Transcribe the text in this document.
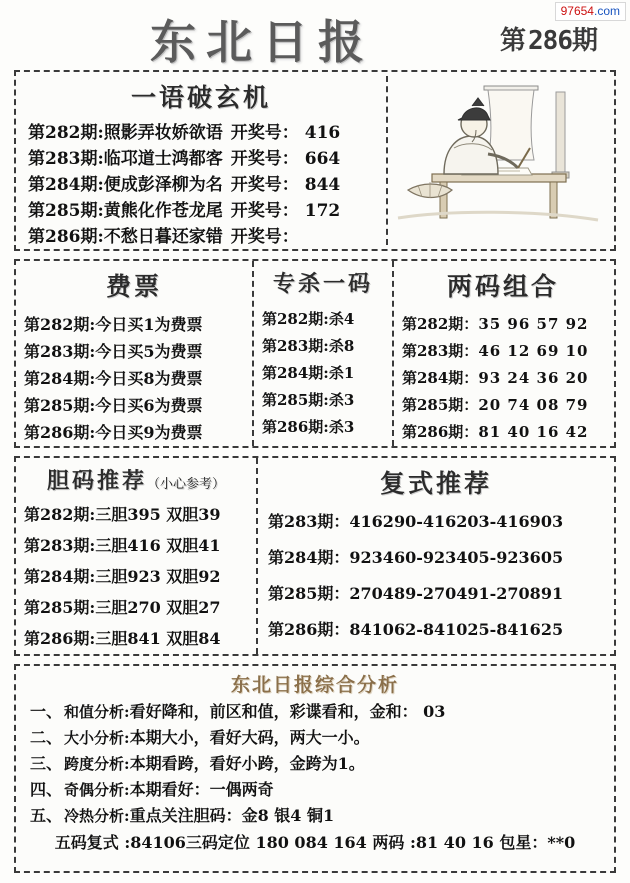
97654.com
东北日报	第286期
一语破玄机
第282期:照影弄妆娇欲语 开奖号： 416
第283期:临邛道士鸿都客 开奖号： 664
第284期:便成彭泽柳为名 开奖号： 844
第285期:黄熊化作苍龙尾 开奖号： 172
第286期:不愁日暮还家错 开奖号：
费票
第282期:今日买1为费票
第283期:今日买5为费票
第284期:今日买8为费票
第285期:今日买6为费票
第286期:今日买9为费票
专杀一码
第282期:杀4
第283期:杀8
第284期:杀1
第285期:杀3
第286期:杀3
两码组合
第282期：35 96 57 92
第283期：46 12 69 10
第284期：93 24 36 20
第285期：20 74 08 79
第286期：81 40 16 42
胆码推荐（小心参考）
第282期:三胆395 双胆39
第283期:三胆416 双胆41
第284期:三胆923 双胆92
第285期:三胆270 双胆27
第286期:三胆841 双胆84
复式推荐
第283期：416290-416203-416903
第284期：923460-923405-923605
第285期：270489-270491-270891
第286期：841062-841025-841625
东北日报综合分析
一、 和值分析:看好降和，前区和值，彩谍看和，金和： 03
二、 大小分析:本期大小，看好大码，两大一小。
三、 跨度分析:本期看跨，看好小跨，金跨为1。
四、 奇偶分析:本期看好：一偶两奇
五、 冷热分析:重点关注胆码：金8 银4 铜1
五码复式 :84106三码定位 180 084 164 两码 :81 40 16 包星：**0
